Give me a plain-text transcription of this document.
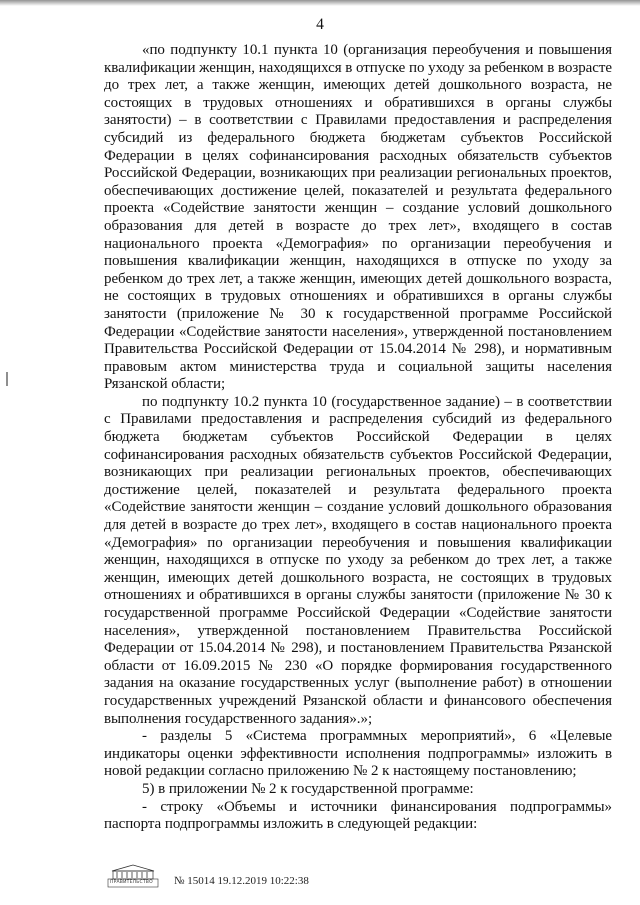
4

«по подпункту 10.1 пункта 10 (организация переобучения и повышения квалификации женщин, находящихся в отпуске по уходу за ребенком в возрасте до трех лет, а также женщин, имеющих детей дошкольного возраста, не состоящих в трудовых отношениях и обратившихся в органы службы занятости) – в соответствии с Правилами предоставления и распределения субсидий из федерального бюджета бюджетам субъектов Российской Федерации в целях софинансирования расходных обязательств субъектов Российской Федерации, возникающих при реализации региональных проектов, обеспечивающих достижение целей, показателей и результата федерального проекта «Содействие занятости женщин – создание условий дошкольного образования для детей в возрасте до трех лет», входящего в состав национального проекта «Демография» по организации переобучения и повышения квалификации женщин, находящихся в отпуске по уходу за ребенком до трех лет, а также женщин, имеющих детей дошкольного возраста, не состоящих в трудовых отношениях и обратившихся в органы службы занятости (приложение № 30 к государственной программе Российской Федерации «Содействие занятости населения», утвержденной постановлением Правительства Российской Федерации от 15.04.2014 № 298), и нормативным правовым актом министерства труда и социальной защиты населения Рязанской области;

по подпункту 10.2 пункта 10 (государственное задание) – в соответствии с Правилами предоставления и распределения субсидий из федерального бюджета бюджетам субъектов Российской Федерации в целях софинансирования расходных обязательств субъектов Российской Федерации, возникающих при реализации региональных проектов, обеспечивающих достижение целей, показателей и результата федерального проекта «Содействие занятости женщин – создание условий дошкольного образования для детей в возрасте до трех лет», входящего в состав национального проекта «Демография» по организации переобучения и повышения квалификации женщин, находящихся в отпуске по уходу за ребенком до трех лет, а также женщин, имеющих детей дошкольного возраста, не состоящих в трудовых отношениях и обратившихся в органы службы занятости (приложение № 30 к государственной программе Российской Федерации «Содействие занятости населения», утвержденной постановлением Правительства Российской Федерации от 15.04.2014 № 298), и постановлением Правительства Рязанской области от 16.09.2015 № 230 «О порядке формирования государственного задания на оказание государственных услуг (выполнение работ) в отношении государственных учреждений Рязанской области и финансового обеспечения выполнения государственного задания».»;

- разделы 5 «Система программных мероприятий», 6 «Целевые индикаторы оценки эффективности исполнения подпрограммы» изложить в новой редакции согласно приложению № 2 к настоящему постановлению;

5) в приложении № 2 к государственной программе:

- строку «Объемы и источники финансирования подпрограммы» паспорта подпрограммы изложить в следующей редакции:

ПРАВИТЕЛЬСТВО № 15014 19.12.2019 10:22:38
